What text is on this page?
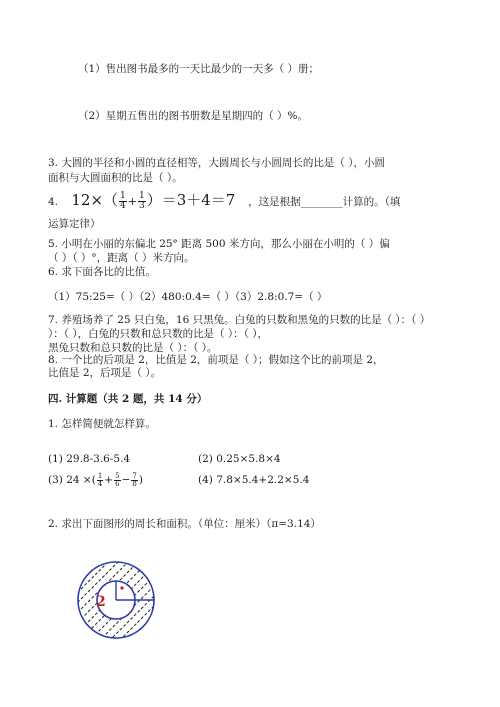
（1）售出图书最多的一天比最少的一天多（ ）册；
（2）星期五售出的图书册数是星期四的（ ）%。
3. 大圆的半径和小圆的直径相等，大圆周长与小圆周长的比是（ ），小圆
面积与大圆面积的比是（ ）。
4. $12\times( \frac{1}{4} + \frac{1}{3} )=3+4=7$ ，这是根据________计算的。（填
运算定律）
5. 小明在小丽的东偏北 25° 距离 500 米方向，那么小丽在小明的（ ）偏
（ ）（ ）°，距离（ ）米方向。
6. 求下面各比的比值。
（1）75:25=（ ）（2）480:0.4=（ ）（3）2.8:0.7=（ ）
7. 养殖场养了 25 只白兔，16 只黑兔。白兔的只数和黑兔的只数的比是（ ）：（ ）
）：（ ），白兔的只数和总只数的比是（ ）：（ ），
黑兔只数和总只数的比是（ ）：（ ）。
8. 一个比的后项是 2，比值是 2，前项是（ ）；假如这个比的前项是 2，
比值是 2，后项是（ ）。
四. 计算题（共 2 题，共 14 分）
1. 怎样简便就怎样算。
(1) 29.8-3.6-5.4	(2) 0.25×5.8×4
(3) 24 ×( $\frac{1}{4} + \frac{5}{6} - \frac{7}{8}$ )	(4) 7.8×5.4+2.2×5.4
2. 求出下面图形的周长和面积。（单位：厘米）（π=3.14）
2
